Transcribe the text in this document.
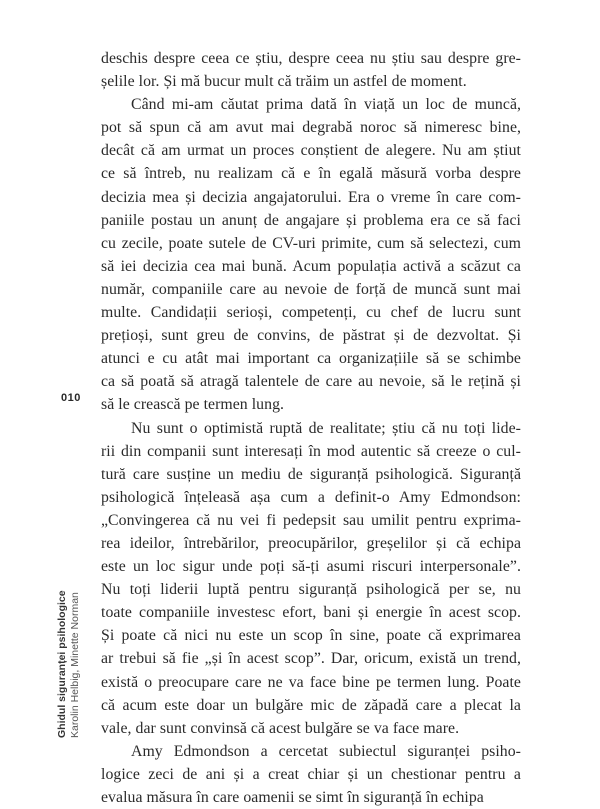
deschis despre ceea ce știu, despre ceea nu știu sau despre gre-
șelile lor. Și mă bucur mult că trăim un astfel de moment.
Când mi-am căutat prima dată în viață un loc de muncă,
pot să spun că am avut mai degrabă noroc să nimeresc bine,
decât că am urmat un proces conștient de alegere. Nu am știut
ce să întreb, nu realizam că e în egală măsură vorba despre
decizia mea și decizia angajatorului. Era o vreme în care com-
paniile postau un anunț de angajare și problema era ce să faci
cu zecile, poate sutele de CV-uri primite, cum să selectezi, cum
să iei decizia cea mai bună. Acum populația activă a scăzut ca
număr, companiile care au nevoie de forță de muncă sunt mai
multe. Candidații serioși, competenți, cu chef de lucru sunt
prețioși, sunt greu de convins, de păstrat și de dezvoltat. Și
atunci e cu atât mai important ca organizațiile să se schimbe
ca să poată să atragă talentele de care au nevoie, să le rețină și
să le crească pe termen lung.
Nu sunt o optimistă ruptă de realitate; știu că nu toți lide-
rii din companii sunt interesați în mod autentic să creeze o cul-
tură care susține un mediu de siguranță psihologică. Siguranță
psihologică înțeleasă așa cum a definit-o Amy Edmondson:
„Convingerea că nu vei fi pedepsit sau umilit pentru exprima-
rea ideilor, întrebărilor, preocupărilor, greșelilor și că echipa
este un loc sigur unde poți să-ți asumi riscuri interpersonale”.
Nu toți liderii luptă pentru siguranță psihologică per se, nu
toate companiile investesc efort, bani și energie în acest scop.
Și poate că nici nu este un scop în sine, poate că exprimarea
ar trebui să fie „și în acest scop”. Dar, oricum, există un trend,
există o preocupare care ne va face bine pe termen lung. Poate
că acum este doar un bulgăre mic de zăpadă care a plecat la
vale, dar sunt convinsă că acest bulgăre se va face mare.
Amy Edmondson a cercetat subiectul siguranței psiho-
logice zeci de ani și a creat chiar și un chestionar pentru a
evalua măsura în care oamenii se simt în siguranță în echipa
010
Ghidul siguranței psihologice Karolin Helbig, Minette Norman
